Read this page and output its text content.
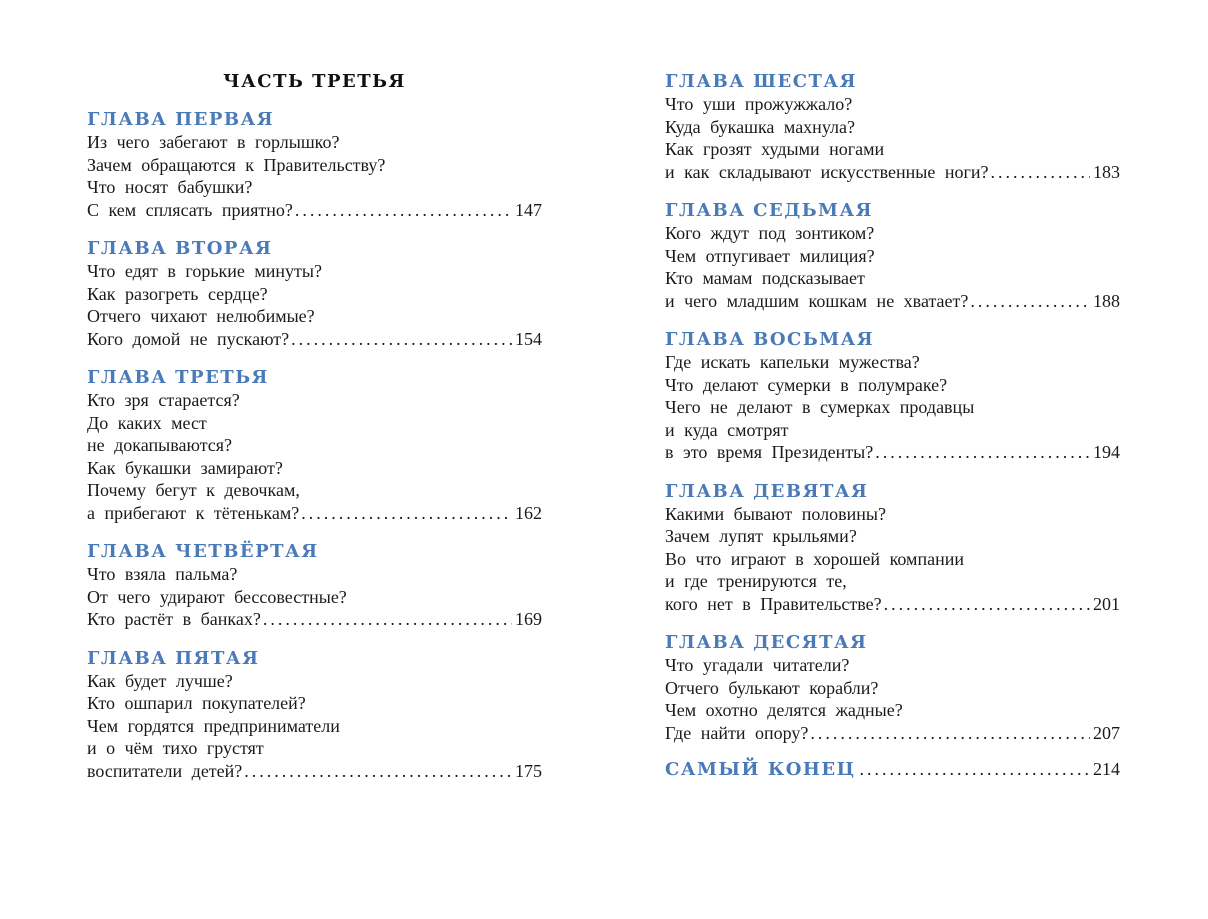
ЧАСТЬ ТРЕТЬЯ
ГЛАВА ПЕРВАЯ
Из чего забегают в горлышко?
Зачем обращаются к Правительству?
Что носят бабушки?
С кем сплясать приятно? .....	147
ГЛАВА ВТОРАЯ
Что едят в горькие минуты?
Как разогреть сердце?
Отчего чихают нелюбимые?
Кого домой не пускают? .....	154
ГЛАВА ТРЕТЬЯ
Кто зря старается?
До каких мест
не докапываются?
Как букашки замирают?
Почему бегут к девочкам,
а прибегают к тётенькам? .....	162
ГЛАВА ЧЕТВЁРТАЯ
Что взяла пальма?
От чего удирают бессовестные?
Кто растёт в банках? .....	169
ГЛАВА ПЯТАЯ
Как будет лучше?
Кто ошпарил покупателей?
Чем гордятся предприниматели
и о чём тихо грустят
воспитатели детей? .....	175
ГЛАВА ШЕСТАЯ
Что уши прожужжало?
Куда букашка махнула?
Как грозят худыми ногами
и как складывают искусственные ноги? .....	183
ГЛАВА СЕДЬМАЯ
Кого ждут под зонтиком?
Чем отпугивает милиция?
Кто мамам подсказывает
и чего младшим кошкам не хватает? .....	188
ГЛАВА ВОСЬМАЯ
Где искать капельки мужества?
Что делают сумерки в полумраке?
Чего не делают в сумерках продавцы
и куда смотрят
в это время Президенты? .....	194
ГЛАВА ДЕВЯТАЯ
Какими бывают половины?
Зачем лупят крыльями?
Во что играют в хорошей компании
и где тренируются те,
кого нет в Правительстве? .....	201
ГЛАВА ДЕСЯТАЯ
Что угадали читатели?
Отчего булькают корабли?
Чем охотно делятся жадные?
Где найти опору? .....	207
САМЫЙ КОНЕЦ .....	214
